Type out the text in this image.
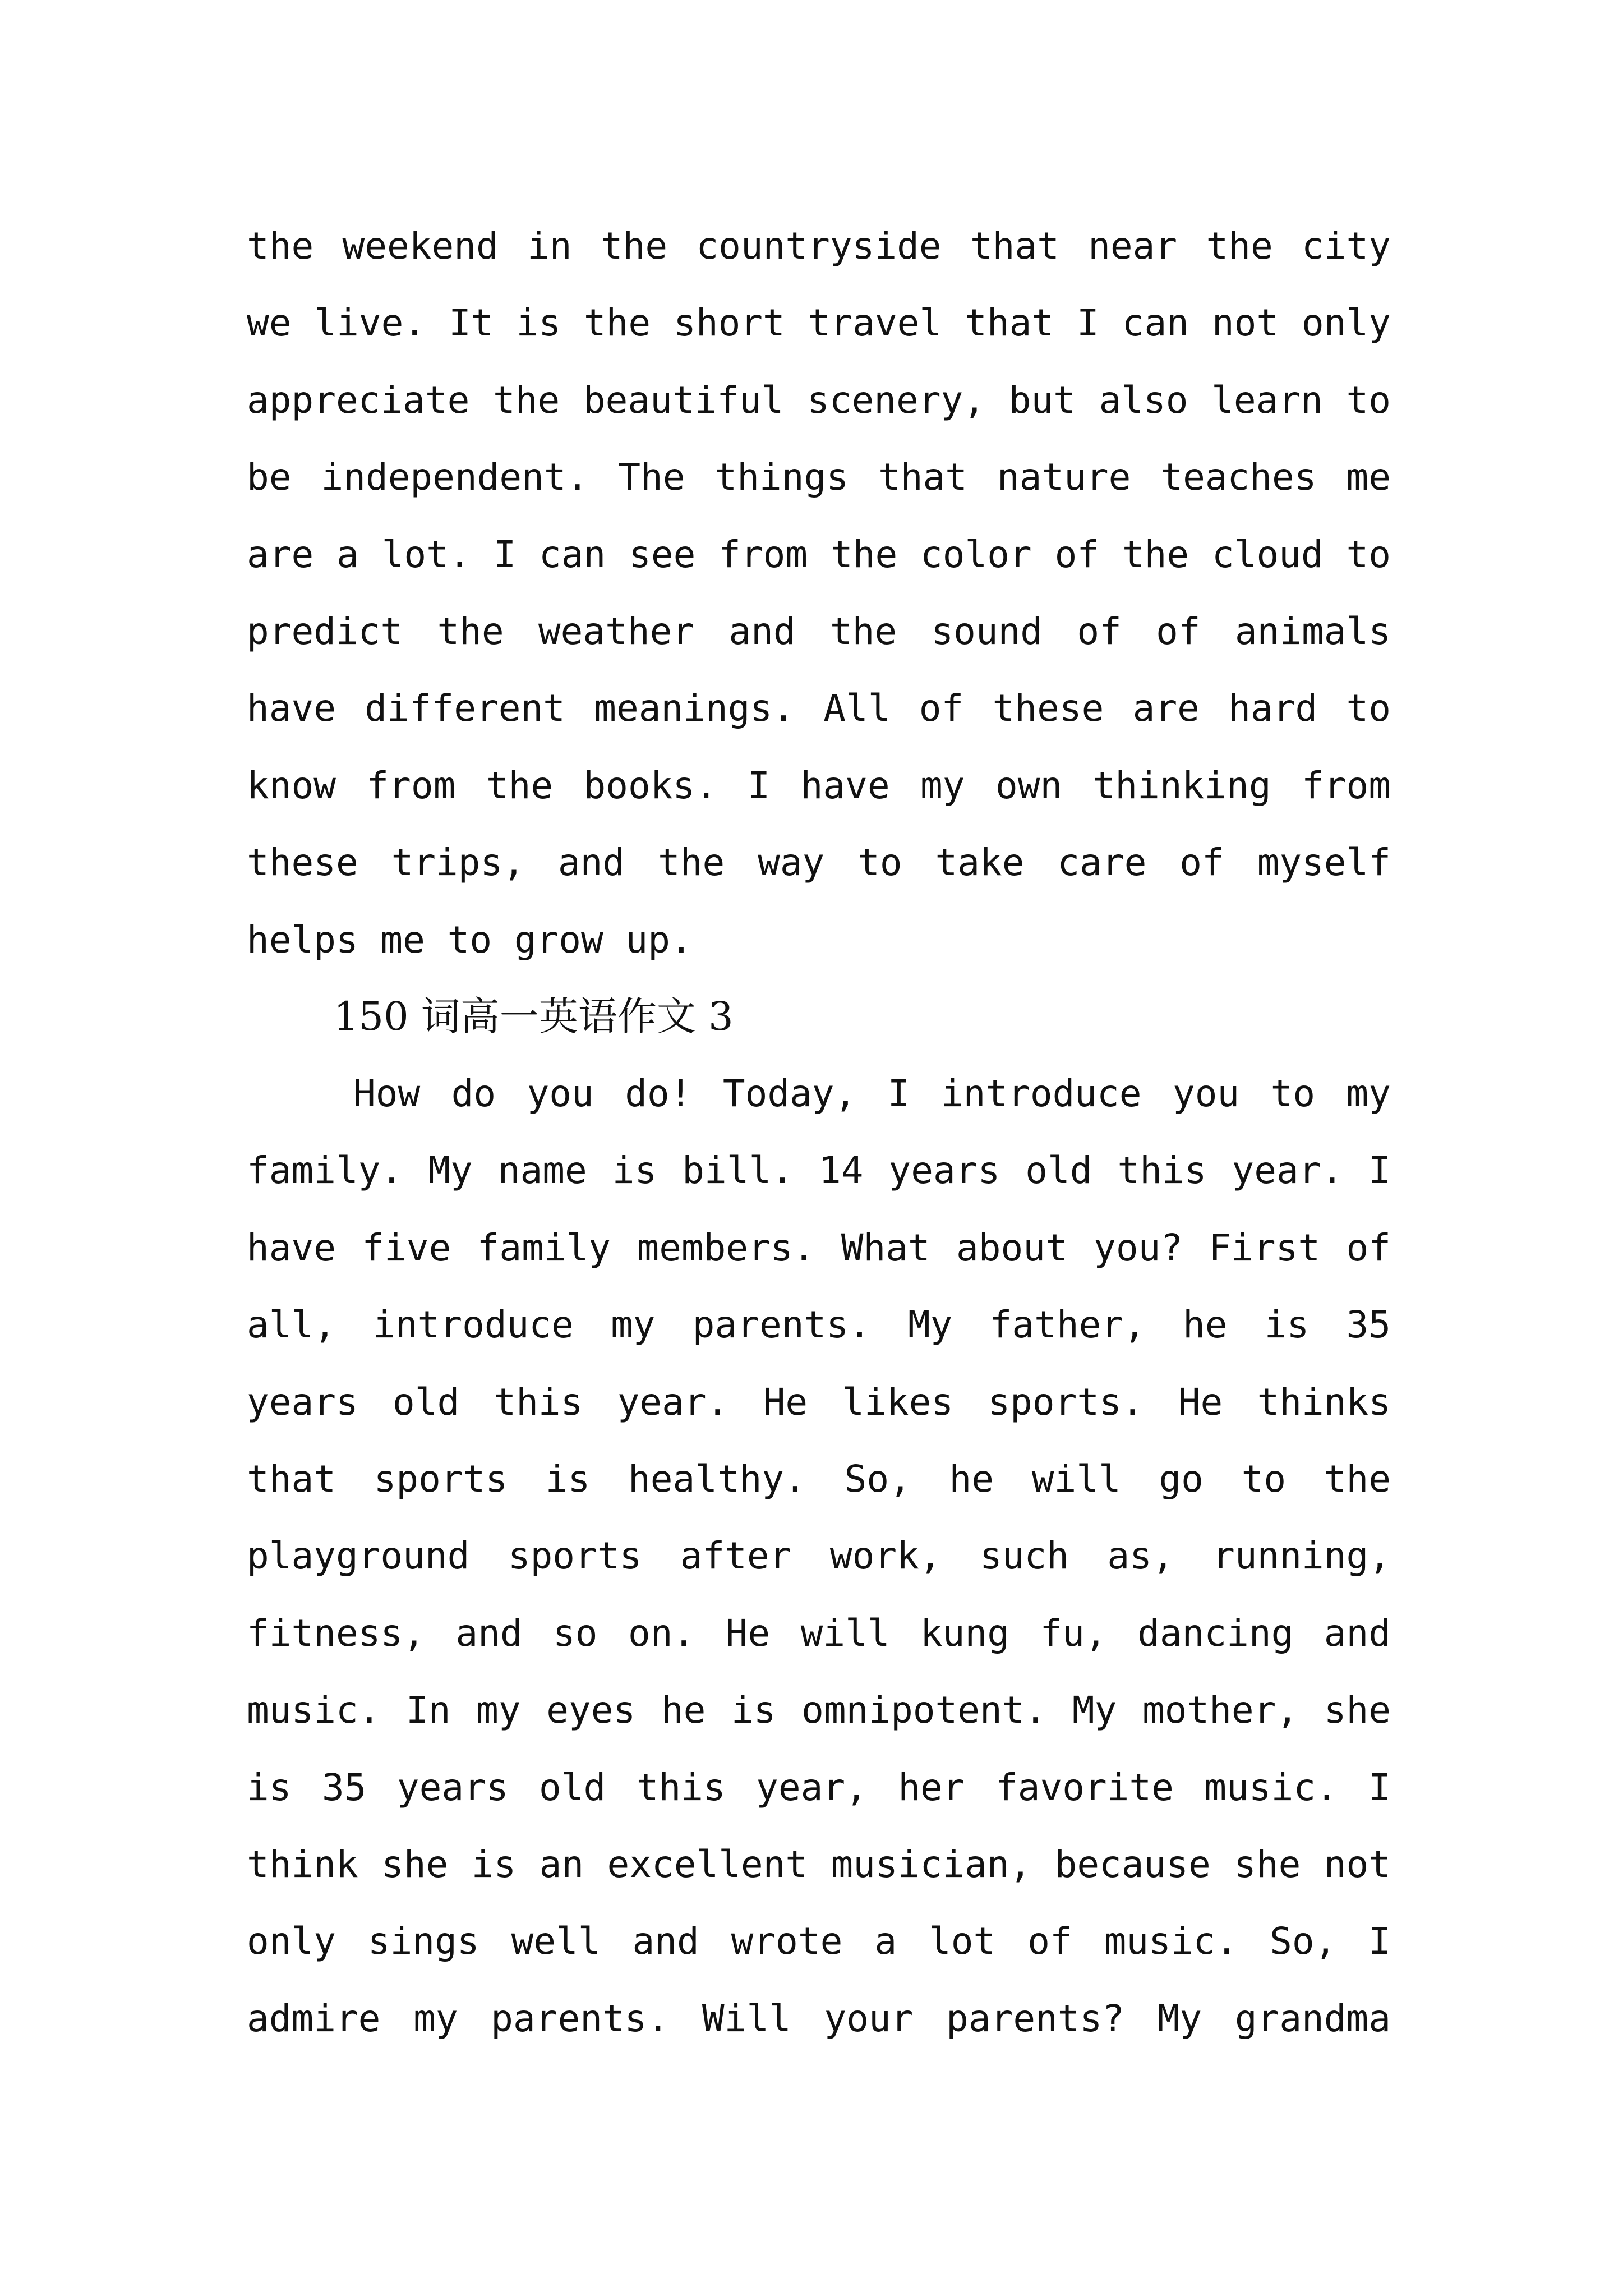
the weekend in the countryside that near the city
we live. It is the short travel that I can not only
appreciate the beautiful scenery, but also learn to
be independent. The things that nature teaches me
are a lot. I can see from the color of the cloud to
predict the weather and the sound of of animals
have different meanings. All of these are hard to
know from the books. I have my own thinking from
these trips, and the way to take care of myself
helps me to grow up.
150 词高一英语作文 3
How do you do! Today, I introduce you to my
family. My name is bill. 14 years old this year. I
have five family members. What about you? First of
all, introduce my parents. My father, he is 35
years old this year. He likes sports. He thinks
that sports is healthy. So, he will go to the
playground sports after work, such as, running,
fitness, and so on. He will kung fu, dancing and
music. In my eyes he is omnipotent. My mother, she
is 35 years old this year, her favorite music. I
think she is an excellent musician, because she not
only sings well and wrote a lot of music. So, I
admire my parents. Will your parents? My grandma
